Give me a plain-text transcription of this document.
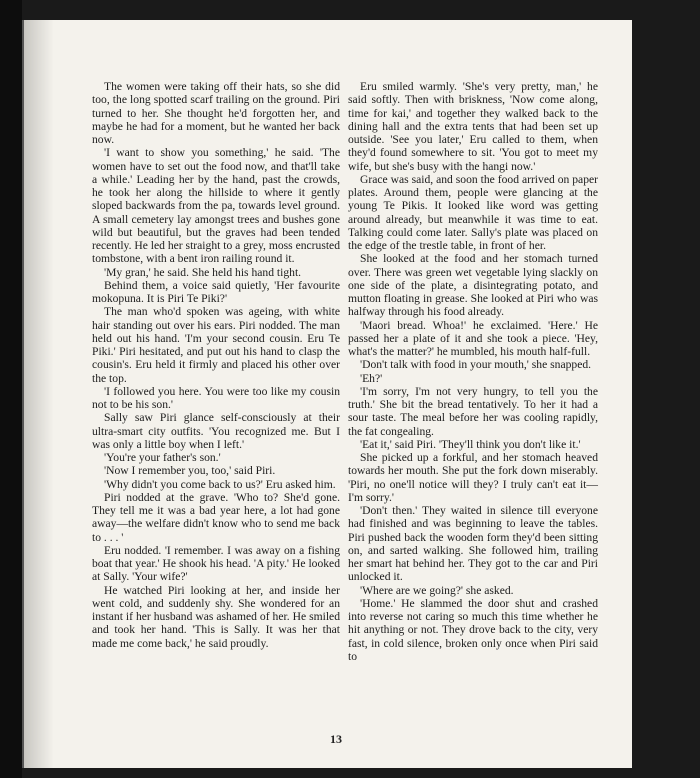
The women were taking off their hats, so she did too, the long spotted scarf trailing on the ground. Piri turned to her. She thought he'd forgotten her, and maybe he had for a moment, but he wanted her back now.

'I want to show you something,' he said. 'The women have to set out the food now, and that'll take a while.' Leading her by the hand, past the crowds, he took her along the hillside to where it gently sloped backwards from the pa, towards level ground. A small cemetery lay amongst trees and bushes gone wild but beautiful, but the graves had been tended recently. He led her straight to a grey, moss encrusted tombstone, with a bent iron railing round it.

'My gran,' he said. She held his hand tight.

Behind them, a voice said quietly, 'Her favourite mokopuna. It is Piri Te Piki?'

The man who'd spoken was ageing, with white hair standing out over his ears. Piri nodded. The man held out his hand. 'I'm your second cousin. Eru Te Piki.' Piri hesitated, and put out his hand to clasp the cousin's. Eru held it firmly and placed his other over the top.

'I followed you here. You were too like my cousin not to be his son.'

Sally saw Piri glance self-consciously at their ultra-smart city outfits. 'You recognized me. But I was only a little boy when I left.'

'You're your father's son.'

'Now I remember you, too,' said Piri.

'Why didn't you come back to us?' Eru asked him.

Piri nodded at the grave. 'Who to? She'd gone. They tell me it was a bad year here, a lot had gone away—the welfare didn't know who to send me back to . . . '

Eru nodded. 'I remember. I was away on a fishing boat that year.' He shook his head. 'A pity.' He looked at Sally. 'Your wife?'

He watched Piri looking at her, and inside her went cold, and suddenly shy. She wondered for an instant if her husband was ashamed of her. He smiled and took her hand. 'This is Sally. It was her that made me come back,' he said proudly.

Eru smiled warmly. 'She's very pretty, man,' he said softly. Then with briskness, 'Now come along, time for kai,' and together they walked back to the dining hall and the extra tents that had been set up outside. 'See you later,' Eru called to them, when they'd found somewhere to sit. 'You got to meet my wife, but she's busy with the hangi now.'

Grace was said, and soon the food arrived on paper plates. Around them, people were glancing at the young Te Pikis. It looked like word was getting around already, but meanwhile it was time to eat. Talking could come later. Sally's plate was placed on the edge of the trestle table, in front of her.

She looked at the food and her stomach turned over. There was green wet vegetable lying slackly on one side of the plate, a disintegrating potato, and mutton floating in grease. She looked at Piri who was halfway through his food already.

'Maori bread. Whoa!' he exclaimed. 'Here.' He passed her a plate of it and she took a piece. 'Hey, what's the matter?' he mumbled, his mouth half-full.

'Don't talk with food in your mouth,' she snapped.

'Eh?'

'I'm sorry, I'm not very hungry, to tell you the truth.' She bit the bread tentatively. To her it had a sour taste. The meal before her was cooling rapidly, the fat congealing.

'Eat it,' said Piri. 'They'll think you don't like it.'

She picked up a forkful, and her stomach heaved towards her mouth. She put the fork down miserably. 'Piri, no one'll notice will they? I truly can't eat it—I'm sorry.'

'Don't then.' They waited in silence till everyone had finished and was beginning to leave the tables. Piri pushed back the wooden form they'd been sitting on, and sarted walking. She followed him, trailing her smart hat behind her. They got to the car and Piri unlocked it.

'Where are we going?' she asked.

'Home.' He slammed the door shut and crashed into reverse not caring so much this time whether he hit anything or not. They drove back to the city, very fast, in cold silence, broken only once when Piri said to

13
